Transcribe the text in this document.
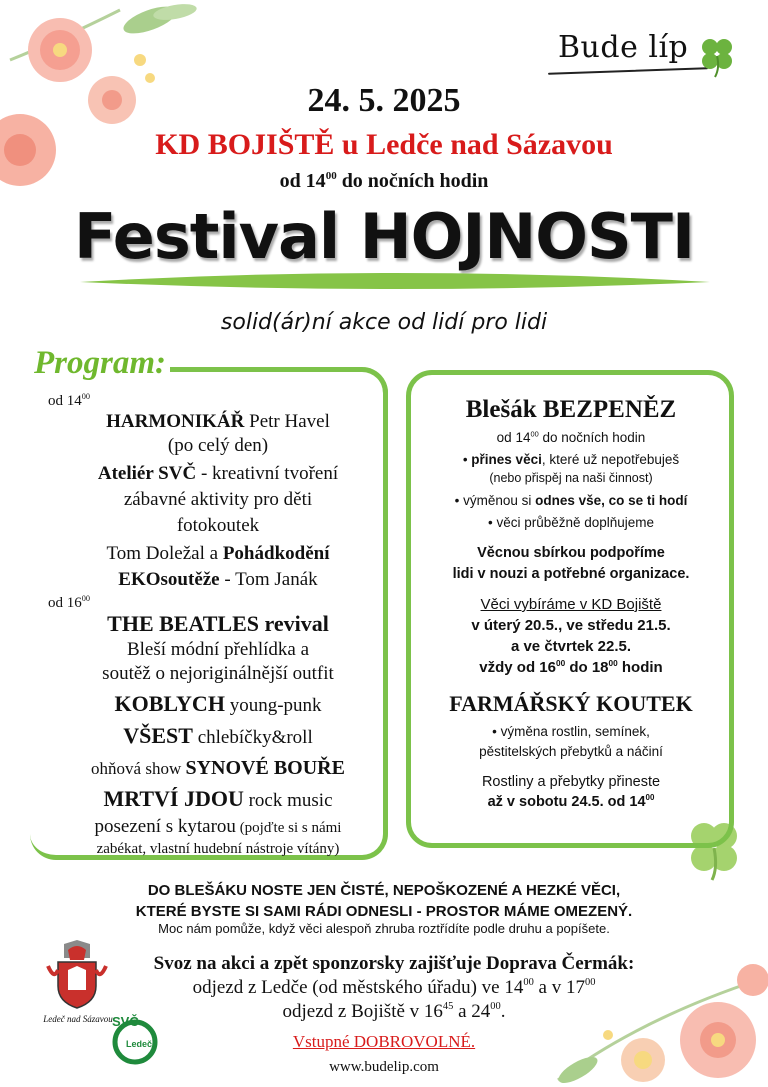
Bude líp
24. 5. 2025
KD BOJIŠTĚ u Ledče nad Sázavou
od $14^{00}$ do nočních hodin
Festival HOJNOSTI
solid(ár)ní akce od lidí pro lidi
Program:
od $14^{00}$
HARMONIKÁŘ Petr Havel
(po celý den)
Ateliér SVČ - kreativní tvoření
zábavné aktivity pro děti
fotokoutek
Tom Doležal a Pohádkodění
EKOsoutěže - Tom Janák
od $16^{00}$
THE BEATLES revival
Bleší módní přehlídka a
soutěž o nejoriginálnější outfit
KOBLYCH young-punk
VŠEST chlebíčky&roll
ohňová show SYNOVÉ BOUŘE
MRTVÍ JDOU rock music
posezení s kytarou (pojďte si s námi
zabékat, vlastní hudební nástroje vítány)
Blešák BEZPENĚZ
od $14^{00}$ do nočních hodin
• přines věci, které už nepotřebuješ
(nebo přispěj na naši činnost)
• výměnou si odnes vše, co se ti hodí
• věci průběžně doplňujeme
Věcnou sbírkou podpoříme
lidi v nouzi a potřebné organizace.
Věci vybíráme v KD Bojiště
v úterý 20.5., ve středu 21.5.
a ve čtvrtek 22.5.
vždy od $16^{00}$ do $18^{00}$ hodin
FARMÁŘSKÝ KOUTEK
• výměna rostlin, semínek,
pěstitelských přebytků a náčiní
Rostliny a přebytky přineste
až v sobotu 24.5. od $14^{00}$
DO BLEŠÁKU NOSTE JEN ČISTÉ, NEPOŠKOZENÉ A HEZKÉ VĚCI,
KTERÉ BYSTE SI SAMI RÁDI ODNESLI - PROSTOR MÁME OMEZENÝ.
Moc nám pomůže, když věci alespoň zhruba roztřídíte podle druhu a popíšete.
Ledeč nad Sázavou SVČ
Ledeč
Svoz na akci a zpět sponzorsky zajišťuje Doprava Čermák:
odjezd z Ledče (od městského úřadu) ve $14^{00}$ a v $17^{00}$
odjezd z Bojiště v $16^{45}$ a $24^{00}$.
Vstupné DOBROVOLNÉ.
www.budelip.com
